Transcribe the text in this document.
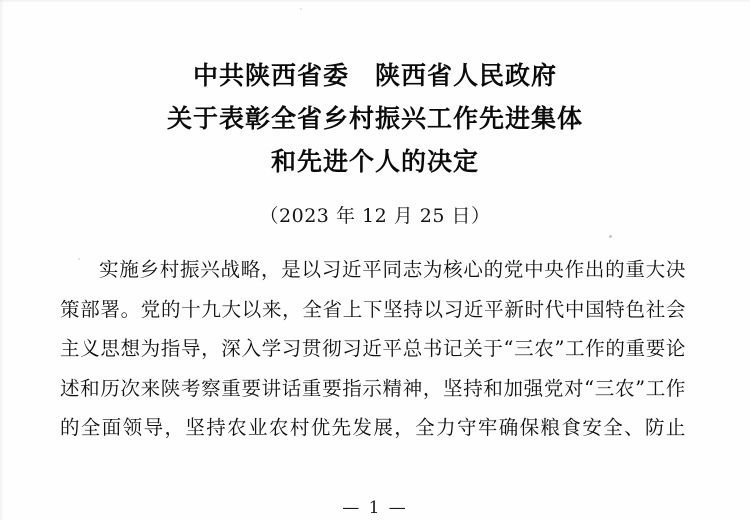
中共陕西省委　陕西省人民政府
关于表彰全省乡村振兴工作先进集体
和先进个人的决定
（2023 年 12 月 25 日）

实施乡村振兴战略，是以习近平同志为核心的党中央作出的重大决策部署。党的十九大以来，全省上下坚持以习近平新时代中国特色社会主义思想为指导，深入学习贯彻习近平总书记关于“三农”工作的重要论述和历次来陕考察重要讲话重要指示精神，坚持和加强党对“三农”工作的全面领导，坚持农业农村优先发展，全力守牢确保粮食安全、防止

— 1 —
